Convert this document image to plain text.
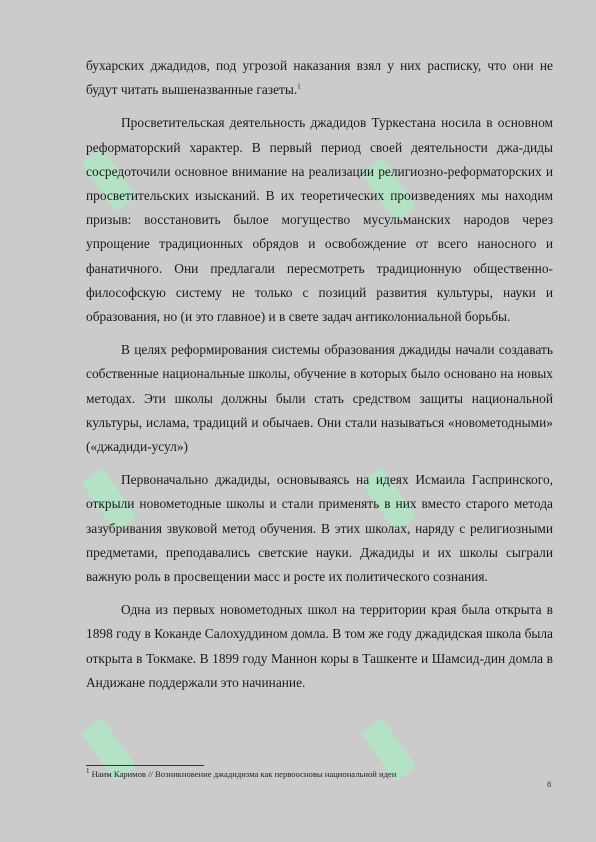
бухарских джадидов, под угрозой наказания взял у них расписку, что они не будут читать вышеназванные газеты.$^1$

Просветительская деятельность джадидов Туркестана носила в основном реформаторский характер. В первый период своей деятельности джа-диды сосредоточили основное внимание на реализации религиозно-реформаторских и просветительских изысканий. В их теоретических произведениях мы находим призыв: восстановить былое могущество мусульманских народов через упрощение традиционных обрядов и освобождение от всего наносного и фанатичного. Они предлагали пересмотреть традиционную общественно-философскую систему не только с позиций развития культуры, науки и образования, но (и это главное) и в свете задач антиколониальной борьбы.

В целях реформирования системы образования джадиды начали создавать собственные национальные школы, обучение в которых было основано на новых методах. Эти школы должны были стать средством защиты национальной культуры, ислама, традиций и обычаев. Они стали называться «новометодными» («джадиди-усул»)

Первоначально джадиды, основываясь на идеях Исмаила Гаспринского, открыли новометодные школы и стали применять в них вместо старого метода зазубривания звуковой метод обучения. В этих школах, наряду с религиозными предметами, преподавались светские науки. Джадиды и их школы сыграли важную роль в просвещении масс и росте их политического сознания.

Одна из первых новометодных школ на территории края была открыта в 1898 году в Коканде Салохуддином домла. В том же году джадидская школа была открыта в Токмаке. В 1899 году Маннон коры в Ташкенте и Шамсид-дин домла в Андижане поддержали это начинание.

$^1$ Наим Каримов // Возникновение джадидизма как первоосновы национальной идеи
8
